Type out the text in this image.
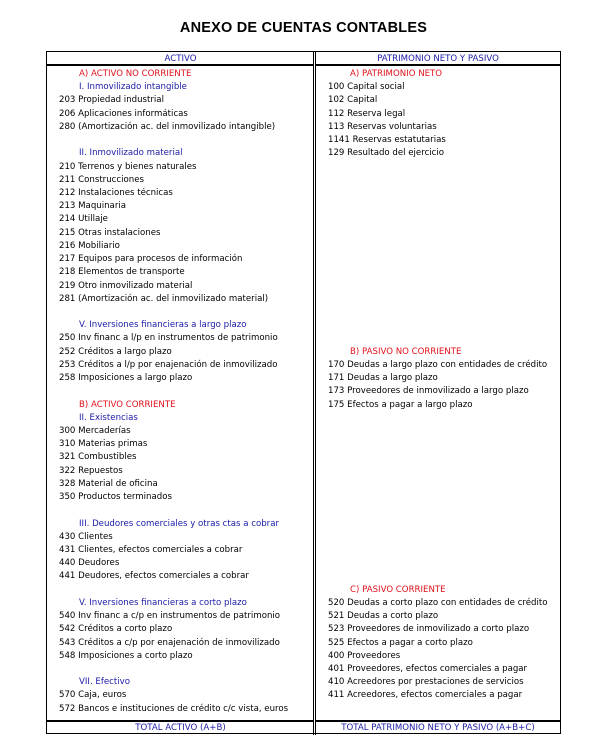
ANEXO DE CUENTAS CONTABLES
ACTIVO	PATRIMONIO NETO Y PASIVO
A) ACTIVO NO CORRIENTE
I. Inmovilizado intangible
203 Propiedad industrial
206 Aplicaciones informáticas
280 (Amortización ac. del inmovilizado intangible)
II. Inmovilizado material
210 Terrenos y bienes naturales
211 Construcciones
212 Instalaciones técnicas
213 Maquinaria
214 Utillaje
215 Otras instalaciones
216 Mobiliario
217 Equipos para procesos de información
218 Elementos de transporte
219 Otro inmovilizado material
281 (Amortización ac. del inmovilizado material)
V. Inversiones financieras a largo plazo
250 Inv financ a l/p en instrumentos de patrimonio
252 Créditos a largo plazo
253 Créditos a l/p por enajenación de inmovilizado
258 Imposiciones a largo plazo
B) ACTIVO CORRIENTE
II. Existencias
300 Mercaderías
310 Materias primas
321 Combustibles
322 Repuestos
328 Material de oficina
350 Productos terminados
III. Deudores comerciales y otras ctas a cobrar
430 Clientes
431 Clientes, efectos comerciales a cobrar
440 Deudores
441 Deudores, efectos comerciales a cobrar
V. Inversiones financieras a corto plazo
540 Inv financ a c/p en instrumentos de patrimonio
542 Créditos a corto plazo
543 Créditos a c/p por enajenación de inmovilizado
548 Imposiciones a corto plazo
VII. Efectivo
570 Caja, euros
572 Bancos e instituciones de crédito c/c vista, euros
A) PATRIMONIO NETO
100 Capital social
102 Capital
112 Reserva legal
113 Reservas voluntarias
1141 Reservas estatutarias
129 Resultado del ejercicio
B) PASIVO NO CORRIENTE
170 Deudas a largo plazo con entidades de crédito
171 Deudas a largo plazo
173 Proveedores de inmovilizado a largo plazo
175 Efectos a pagar a largo plazo
C) PASIVO CORRIENTE
520 Deudas a corto plazo con entidades de crédito
521 Deudas a corto plazo
523 Proveedores de inmovilizado a corto plazo
525 Efectos a pagar a corto plazo
400 Proveedores
401 Proveedores, efectos comerciales a pagar
410 Acreedores por prestaciones de servicios
411 Acreedores, efectos comerciales a pagar
TOTAL ACTIVO (A+B)	TOTAL PATRIMONIO NETO Y PASIVO (A+B+C)
